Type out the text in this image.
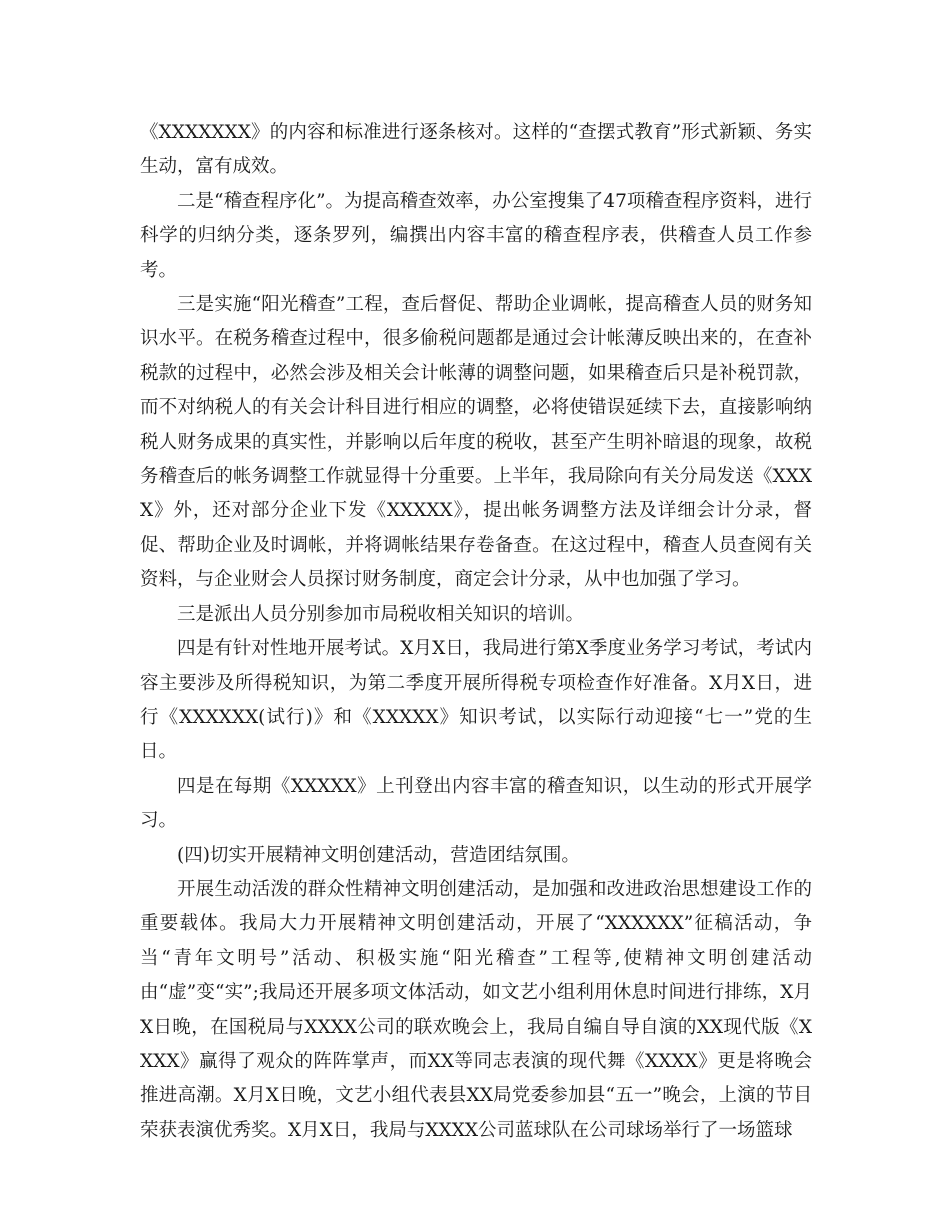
《XXXXXXX》的内容和标准进行逐条核对。这样的“查摆式教育”形式新颖、务实生动，富有成效。

二是“稽查程序化”。为提高稽查效率，办公室搜集了47项稽查程序资料，进行科学的归纳分类，逐条罗列，编撰出内容丰富的稽查程序表，供稽查人员工作参考。

三是实施“阳光稽查”工程，查后督促、帮助企业调帐，提高稽查人员的财务知识水平。在税务稽查过程中，很多偷税问题都是通过会计帐薄反映出来的，在查补税款的过程中，必然会涉及相关会计帐薄的调整问题，如果稽查后只是补税罚款，而不对纳税人的有关会计科目进行相应的调整，必将使错误延续下去，直接影响纳税人财务成果的真实性，并影响以后年度的税收，甚至产生明补暗退的现象，故税务稽查后的帐务调整工作就显得十分重要。上半年，我局除向有关分局发送《XXXX》外，还对部分企业下发《XXXXX》，提出帐务调整方法及详细会计分录，督促、帮助企业及时调帐，并将调帐结果存卷备查。在这过程中，稽查人员查阅有关资料，与企业财会人员探讨财务制度，商定会计分录，从中也加强了学习。

三是派出人员分别参加市局税收相关知识的培训。

四是有针对性地开展考试。X月X日，我局进行第X季度业务学习考试，考试内容主要涉及所得税知识，为第二季度开展所得税专项检查作好准备。X月X日，进行《XXXXXX(试行)》和《XXXXX》知识考试，以实际行动迎接“七一”党的生日。

四是在每期《XXXXX》上刊登出内容丰富的稽查知识，以生动的形式开展学习。

(四)切实开展精神文明创建活动，营造团结氛围。

开展生动活泼的群众性精神文明创建活动，是加强和改进政治思想建设工作的重要载体。我局大力开展精神文明创建活动，开展了“XXXXXX”征稿活动，争当“青年文明号”活动、积极实施“阳光稽查”工程等,使精神文明创建活动由“虚”变“实”;我局还开展多项文体活动，如文艺小组利用休息时间进行排练，X月X日晚，在国税局与XXXX公司的联欢晚会上，我局自编自导自演的XX现代版《XXXX》赢得了观众的阵阵掌声，而XX等同志表演的现代舞《XXXX》更是将晚会推进高潮。X月X日晚，文艺小组代表县XX局党委参加县“五一”晚会，上演的节目荣获表演优秀奖。X月X日，我局与XXXX公司蓝球队在公司球场举行了一场篮球
